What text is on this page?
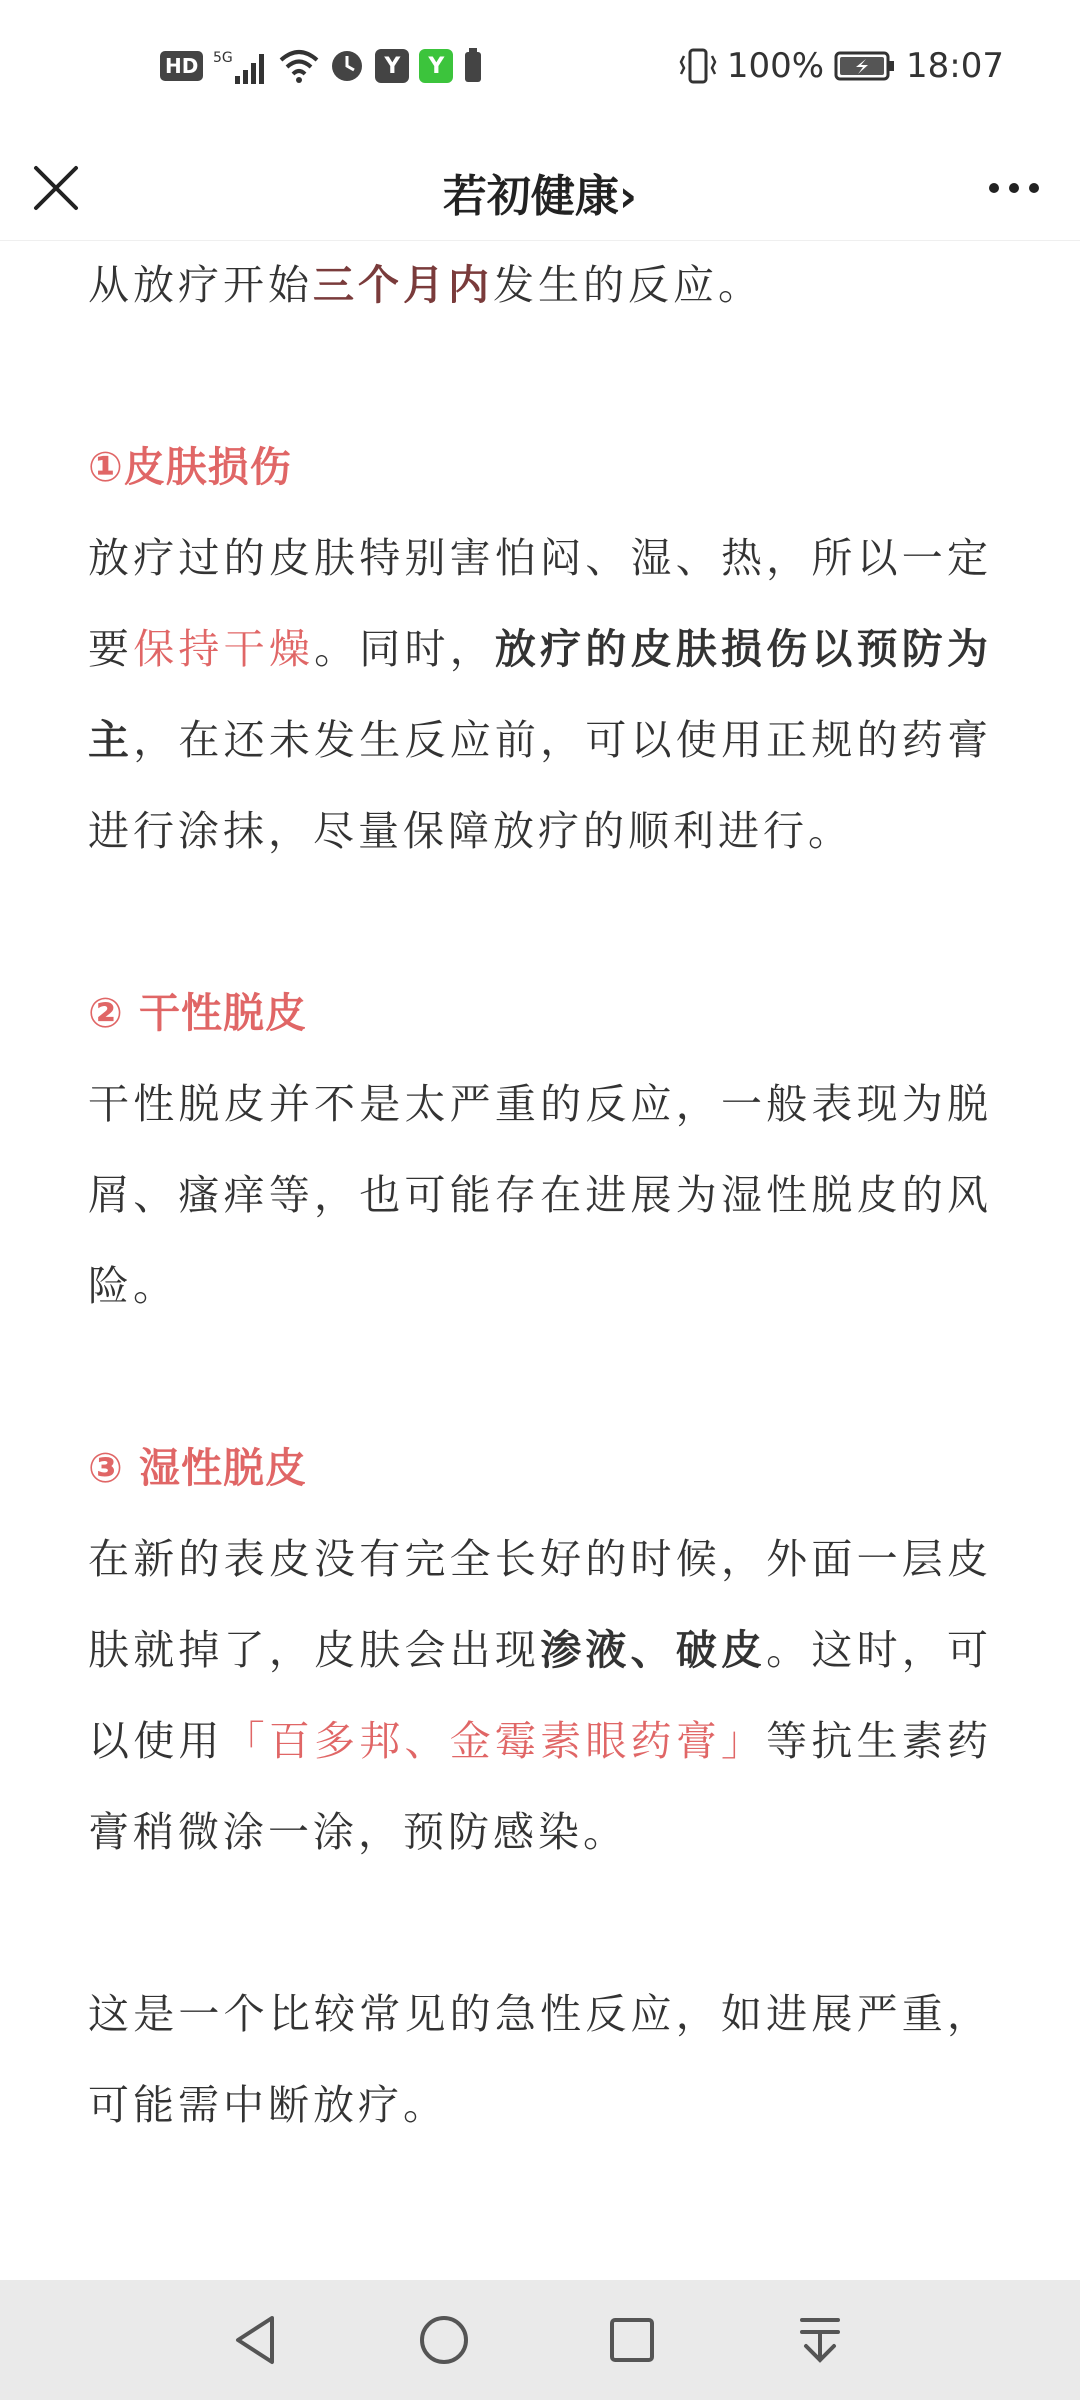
HD	5G	Y	Y	100% 18:07
若初健康›

从放疗开始三个月内发生的反应。

①皮肤损伤

放疗过的皮肤特别害怕闷、湿、热，所以一定要保持干燥。同时，放疗的皮肤损伤以预防为主，在还未发生反应前，可以使用正规的药膏进行涂抹，尽量保障放疗的顺利进行。

② 干性脱皮

干性脱皮并不是太严重的反应，一般表现为脱屑、瘙痒等，也可能存在进展为湿性脱皮的风险。

③ 湿性脱皮

在新的表皮没有完全长好的时候，外面一层皮肤就掉了，皮肤会出现渗液、破皮。这时，可以使用「百多邦、金霉素眼药膏」等抗生素药膏稍微涂一涂，预防感染。

这是一个比较常见的急性反应，如进展严重，可能需中断放疗。
